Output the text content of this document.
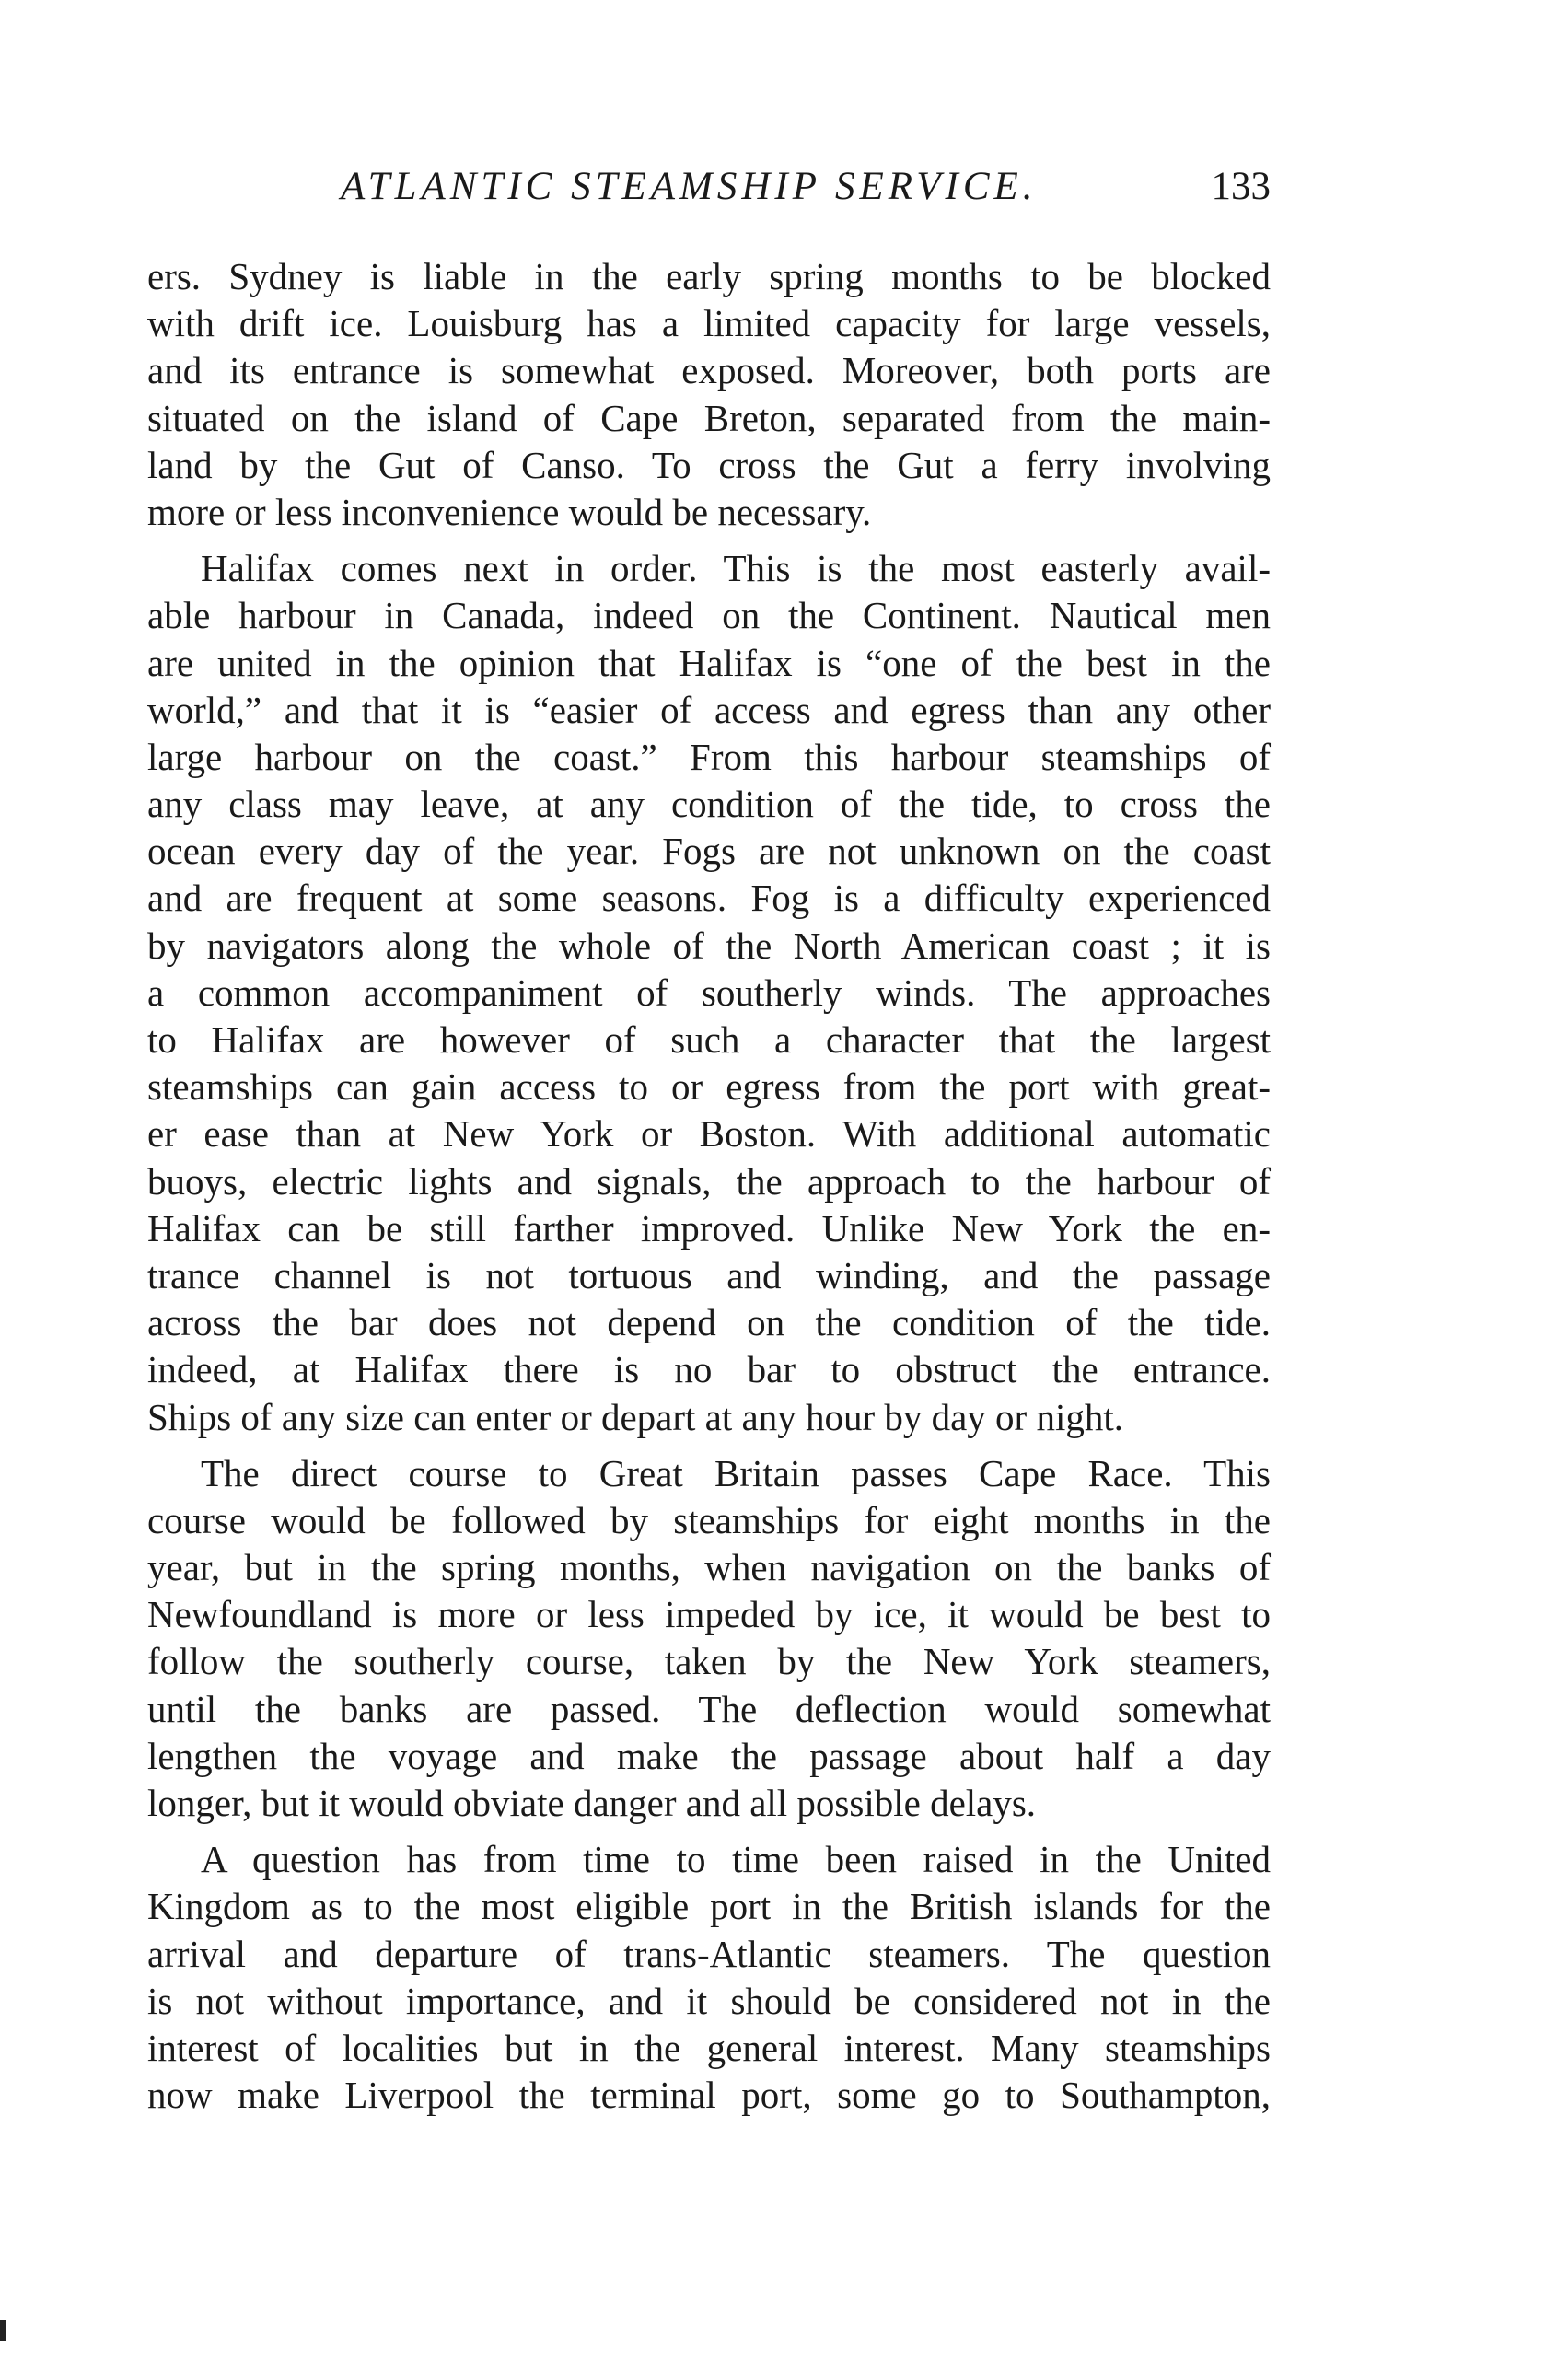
ATLANTIC STEAMSHIP SERVICE.	133
ers. Sydney is liable in the early spring months to be blocked
with drift ice. Louisburg has a limited capacity for large vessels,
and its entrance is somewhat exposed. Moreover, both ports are
situated on the island of Cape Breton, separated from the main-
land by the Gut of Canso. To cross the Gut a ferry involving
more or less inconvenience would be necessary.
Halifax comes next in order. This is the most easterly avail-
able harbour in Canada, indeed on the Continent. Nautical men
are united in the opinion that Halifax is “one of the best in the
world,” and that it is “easier of access and egress than any other
large harbour on the coast.” From this harbour steamships of
any class may leave, at any condition of the tide, to cross the
ocean every day of the year. Fogs are not unknown on the coast
and are frequent at some seasons. Fog is a difficulty experienced
by navigators along the whole of the North American coast ; it is
a common accompaniment of southerly winds. The approaches
to Halifax are however of such a character that the largest
steamships can gain access to or egress from the port with great-
er ease than at New York or Boston. With additional automatic
buoys, electric lights and signals, the approach to the harbour of
Halifax can be still farther improved. Unlike New York the en-
trance channel is not tortuous and winding, and the passage
across the bar does not depend on the condition of the tide.
indeed, at Halifax there is no bar to obstruct the entrance.
Ships of any size can enter or depart at any hour by day or night.
The direct course to Great Britain passes Cape Race. This
course would be followed by steamships for eight months in the
year, but in the spring months, when navigation on the banks of
Newfoundland is more or less impeded by ice, it would be best to
follow the southerly course, taken by the New York steamers,
until the banks are passed. The deflection would somewhat
lengthen the voyage and make the passage about half a day
longer, but it would obviate danger and all possible delays.
A question has from time to time been raised in the United
Kingdom as to the most eligible port in the British islands for the
arrival and departure of trans-Atlantic steamers. The question
is not without importance, and it should be considered not in the
interest of localities but in the general interest. Many steamships
now make Liverpool the terminal port, some go to Southampton,
